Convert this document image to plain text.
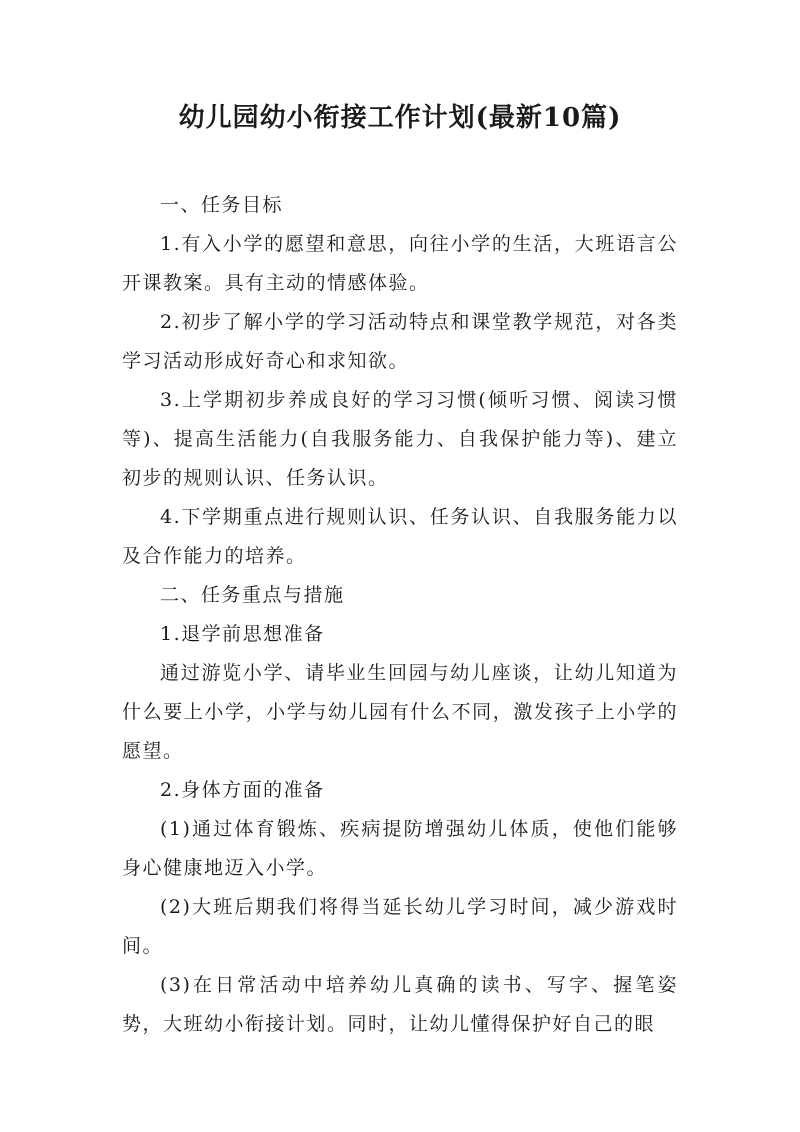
幼儿园幼小衔接工作计划(最新10篇)

一、任务目标

1.有入小学的愿望和意思，向往小学的生活，大班语言公开课教案。具有主动的情感体验。

2.初步了解小学的学习活动特点和课堂教学规范，对各类学习活动形成好奇心和求知欲。

3.上学期初步养成良好的学习习惯(倾听习惯、阅读习惯等)、提高生活能力(自我服务能力、自我保护能力等)、建立初步的规则认识、任务认识。

4.下学期重点进行规则认识、任务认识、自我服务能力以及合作能力的培养。

二、任务重点与措施

1.退学前思想准备

通过游览小学、请毕业生回园与幼儿座谈，让幼儿知道为什么要上小学，小学与幼儿园有什么不同，激发孩子上小学的愿望。

2.身体方面的准备

(1)通过体育锻炼、疾病提防增强幼儿体质，使他们能够身心健康地迈入小学。

(2)大班后期我们将得当延长幼儿学习时间，减少游戏时间。

(3)在日常活动中培养幼儿真确的读书、写字、握笔姿势，大班幼小衔接计划。同时，让幼儿懂得保护好自己的眼
